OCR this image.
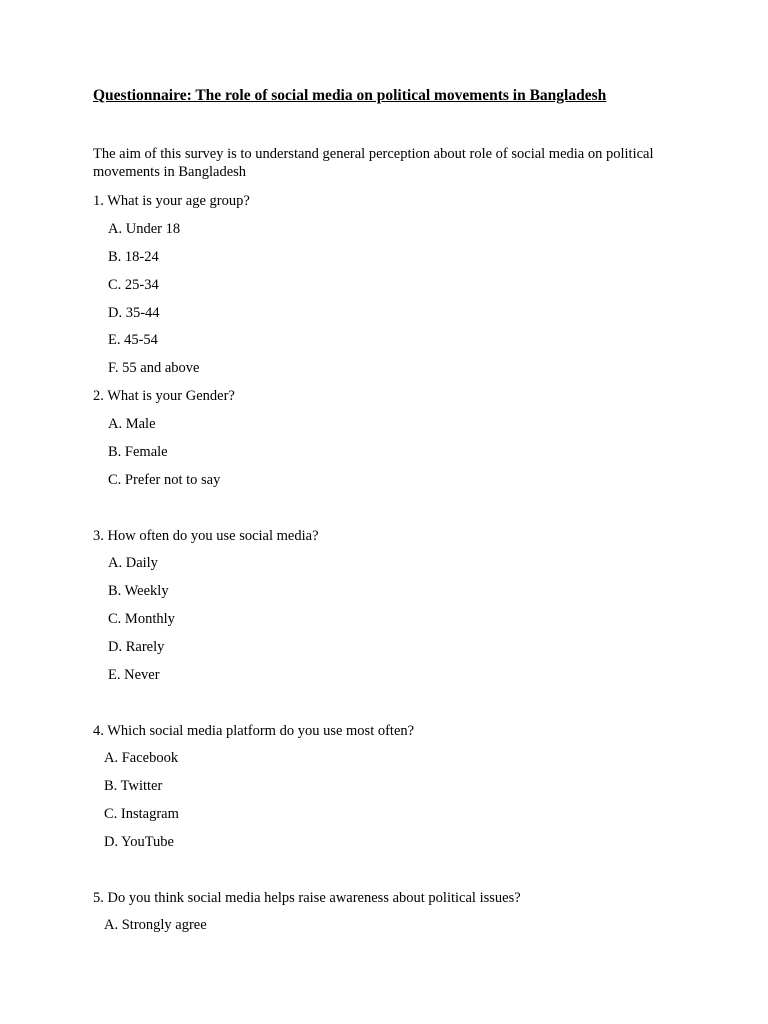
Questionnaire: The role of social media on political movements in Bangladesh
The aim of this survey is to understand general perception about role of social media on political movements in Bangladesh
1. What is your age group?
A. Under 18
B. 18-24
C. 25-34
D. 35-44
E. 45-54
F. 55 and above
2. What is your Gender?
A. Male
B. Female
C. Prefer not to say
3. How often do you use social media?
A. Daily
B. Weekly
C. Monthly
D. Rarely
E. Never
4. Which social media platform do you use most often?
A. Facebook
B. Twitter
C. Instagram
D. YouTube
5. Do you think social media helps raise awareness about political issues?
A. Strongly agree
